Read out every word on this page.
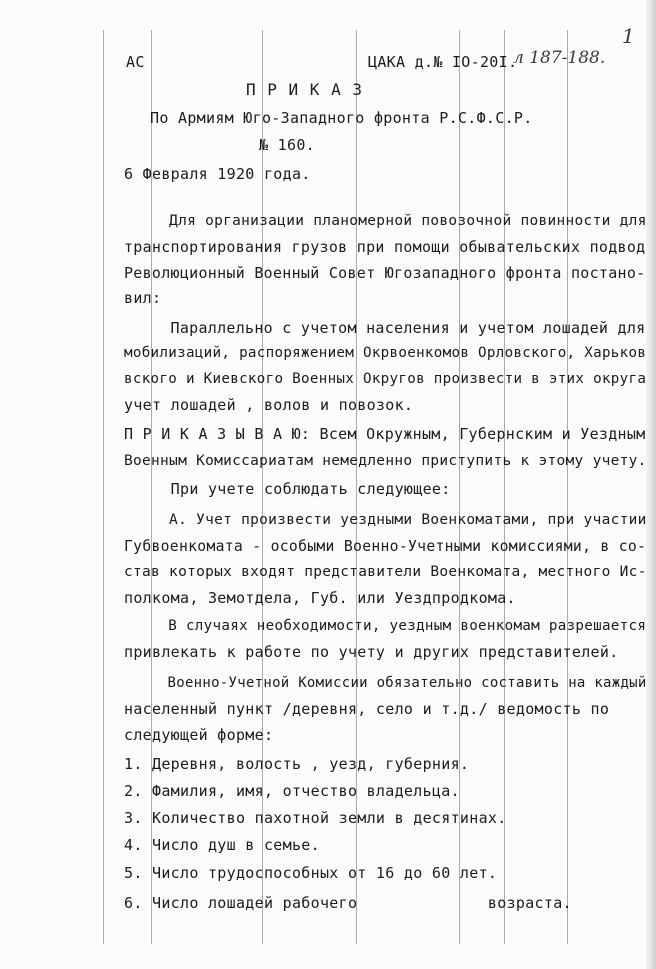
АС	ЦАКА д.№ IO-20I.
л 187-188.
1
П Р И К А З
По Армиям Юго-Западного фронта Р.С.Ф.С.Р.
№ 160.
6 Февраля 1920 года.
Для организации планомерной повозочной повинности для
транспортирования грузов при помощи обывательских подвод
Революционный Военный Совет Югозападного фронта постано-
вил:
Параллельно с учетом населения и учетом лошадей для
мобилизаций, распоряжением Окрвоенкомов Орловского, Харьков
вского и Киевского Военных Округов произвести в этих округа
учет лошадей , волов и повозок.
П Р И К А З Ы В А Ю: Всем Окружным, Губернским и Уездным
Военным Комиссариатам немедленно приступить к этому учету.
При учете соблюдать следующее:
А. Учет произвести уездными Военкоматами, при участии
Губвоенкомата - особыми Военно-Учетными комиссиями, в со-
став которых входят представители Военкомата, местного Ис-
полкома, Земотдела, Губ. или Уездпродкома.
В случаях необходимости, уездным военкомам разрешается
привлекать к работе по учету и других представителей.
Военно-Учетной Комиссии обязательно составить на каждый
населенный пункт /деревня, село и т.д./ ведомость по
следующей форме:
1. Деревня, волость , уезд, губерния.
2. Фамилия, имя, отчество владельца.
3. Количество пахотной земли в десятинах.
4. Число душ в семье.
5. Число трудоспособных от 16 до 60 лет.
6. Число лошадей рабочего              возраста.
